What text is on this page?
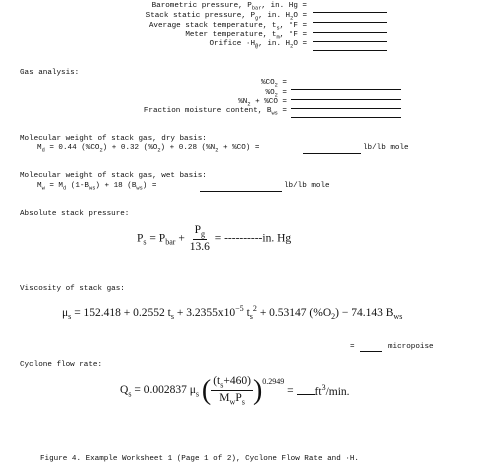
Barometric pressure, $P_{bar}$, in. Hg =
Stack static pressure, $P_g$, in. $H_2O$ =
Average stack temperature, $t_s$, °F =
Meter temperature, $t_m$, °F =
Orifice $\cdot H_@$, in. $H_2O$ =
Gas analysis:
$\%CO_2$ =
$\%O_2$ =
$\%N_2 + \%CO$ =
Fraction moisture content, $B_{ws}$ =
Molecular weight of stack gas, dry basis:
$M_d = 0.44$ $(\%CO_2) + 0.32$ $(\%O_2) + 0.28$ $(\%N_2 + \%CO)$ =	lb/lb mole
Molecular weight of stack gas, wet basis:
$M_w = M_d$ $(1-B_{ws}) + 18$ $(B_{ws})$ =	lb/lb mole
Absolute stack pressure:
$P_s = P_{bar} + \frac{P_g}{13.6} = ----------in$. Hg
Viscosity of stack gas:
$\mu_s = 152.418 + 0.2552$ $t_s + 3.2355x10^{-5}$ $t_s^2 + 0.53147$ $(\%O_2) - 74.143$ $B_{ws}$
=	micropoise
Cyclone flow rate:
$Q_s = 0.002837$ $\mu_s$ ( $\frac{(t_s+460)}{M_wP_s}$ ) 0.2949
= $ft^3/\min$.
Figure 4. Example Worksheet 1 (Page 1 of 2), Cyclone Flow Rate and ·H.
